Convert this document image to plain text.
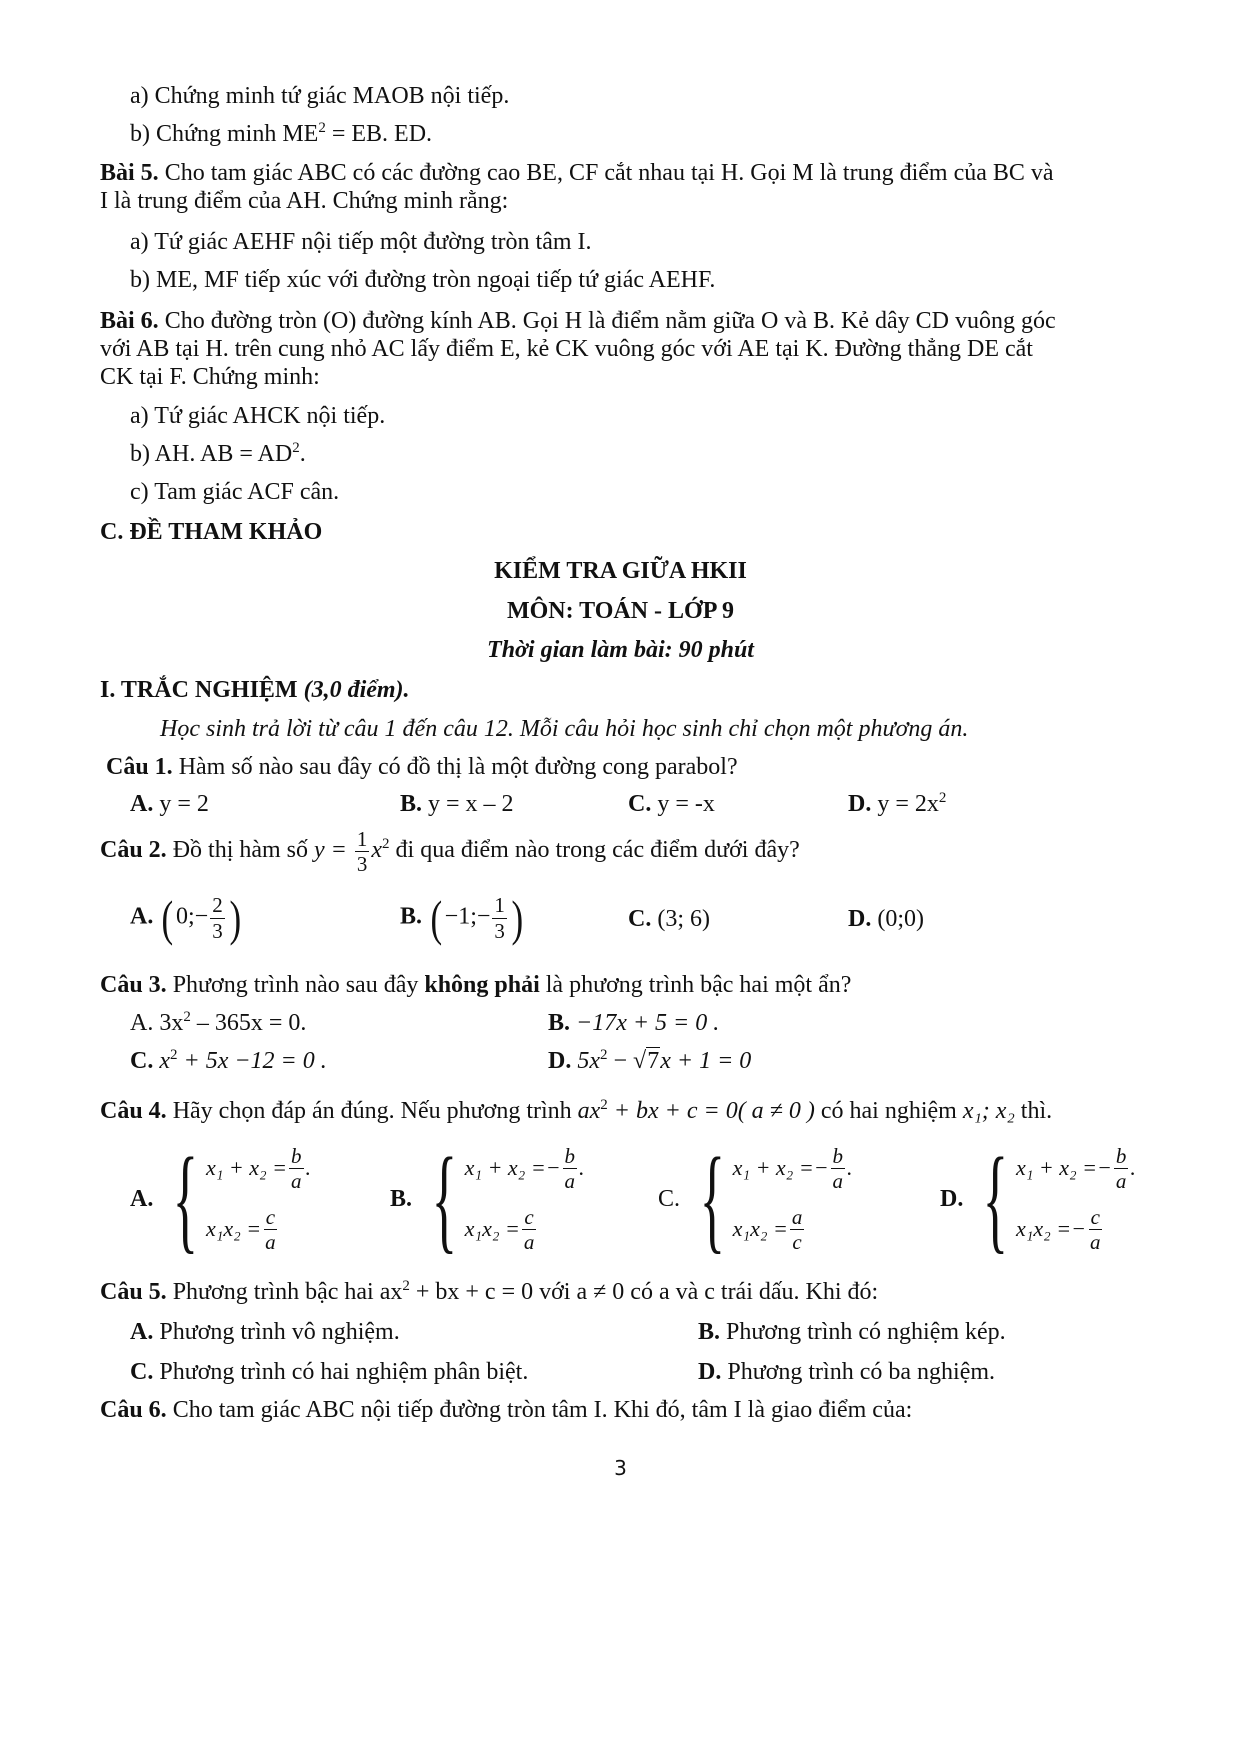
a) Chứng minh tứ giác MAOB nội tiếp.
b) Chứng minh $ME^2$ = EB. ED.
Bài 5. Cho tam giác ABC có các đường cao BE, CF cắt nhau tại H. Gọi M là trung điểm của BC và
I là trung điểm của AH. Chứng minh rằng:
a) Tứ giác AEHF nội tiếp một đường tròn tâm I.
b) ME, MF tiếp xúc với đường tròn ngoại tiếp tứ giác AEHF.
Bài 6. Cho đường tròn (O) đường kính AB. Gọi H là điểm nằm giữa O và B. Kẻ dây CD vuông góc
với AB tại H. trên cung nhỏ AC lấy điểm E, kẻ CK vuông góc với AE tại K. Đường thẳng DE cắt
CK tại F. Chứng minh:
a) Tứ giác AHCK nội tiếp.
b) AH. AB = $AD^2$.
c) Tam giác ACF cân.
C. ĐỀ THAM KHẢO
KIỂM TRA GIỮA HKII
MÔN: TOÁN - LỚP 9
Thời gian làm bài: 90 phút
I. TRẮC NGHIỆM (3,0 điểm).
Học sinh trả lời từ câu 1 đến câu 12. Mỗi câu hỏi học sinh chỉ chọn một phương án.
Câu 1. Hàm số nào sau đây có đồ thị là một đường cong parabol?
A. y = 2	B. y = x – 2	C. y = -x	D. $y = 2x^2$
Câu 2. Đồ thị hàm số $y = \frac{1}{3} x^2$ đi qua điểm nào trong các điểm dưới đây?
A. ( 0;− $\frac{2}{3}$ )	B. ( −1;− $\frac{1}{3}$ )	C. (3; 6)	D. (0;0)
Câu 3. Phương trình nào sau đây không phải là phương trình bậc hai một ẩn?
A. $3x^2 - 365x = 0$.	B. −17x + 5 = 0 .
C. $x^2 + 5x -12 = 0$ .	D. $5x^2 - √7x + 1 = 0$
Câu 4. Hãy chọn đáp án đúng. Nếu phương trình $ax^2$ + bx + c = 0( a ≠ 0 ) có hai nghiệm x₁; x₂ thì.
A. { $x_1 + x_2 = \frac{b}{a}$ .
$x_1x_2 = \frac{c}{a}$
B. { x₁ + x₂ = − $\frac{b}{a}$ .
$x_1x_2 = \frac{c}{a}$
C. { x₁ + x₂ = − $\frac{b}{a}$ .
$x_1x_2 = \frac{a}{c}$
D. { x₁ + x₂ = − $\frac{b}{a}$ .
x₁x₂ = − $\frac{c}{a}$
Câu 5. Phương trình bậc hai $ax^2$ + bx + c = 0 với a ≠ 0 có a và c trái dấu. Khi đó:
A. Phương trình vô nghiệm.	B. Phương trình có nghiệm kép.
C. Phương trình có hai nghiệm phân biệt.	D. Phương trình có ba nghiệm.
Câu 6. Cho tam giác ABC nội tiếp đường tròn tâm I. Khi đó, tâm I là giao điểm của:
3
